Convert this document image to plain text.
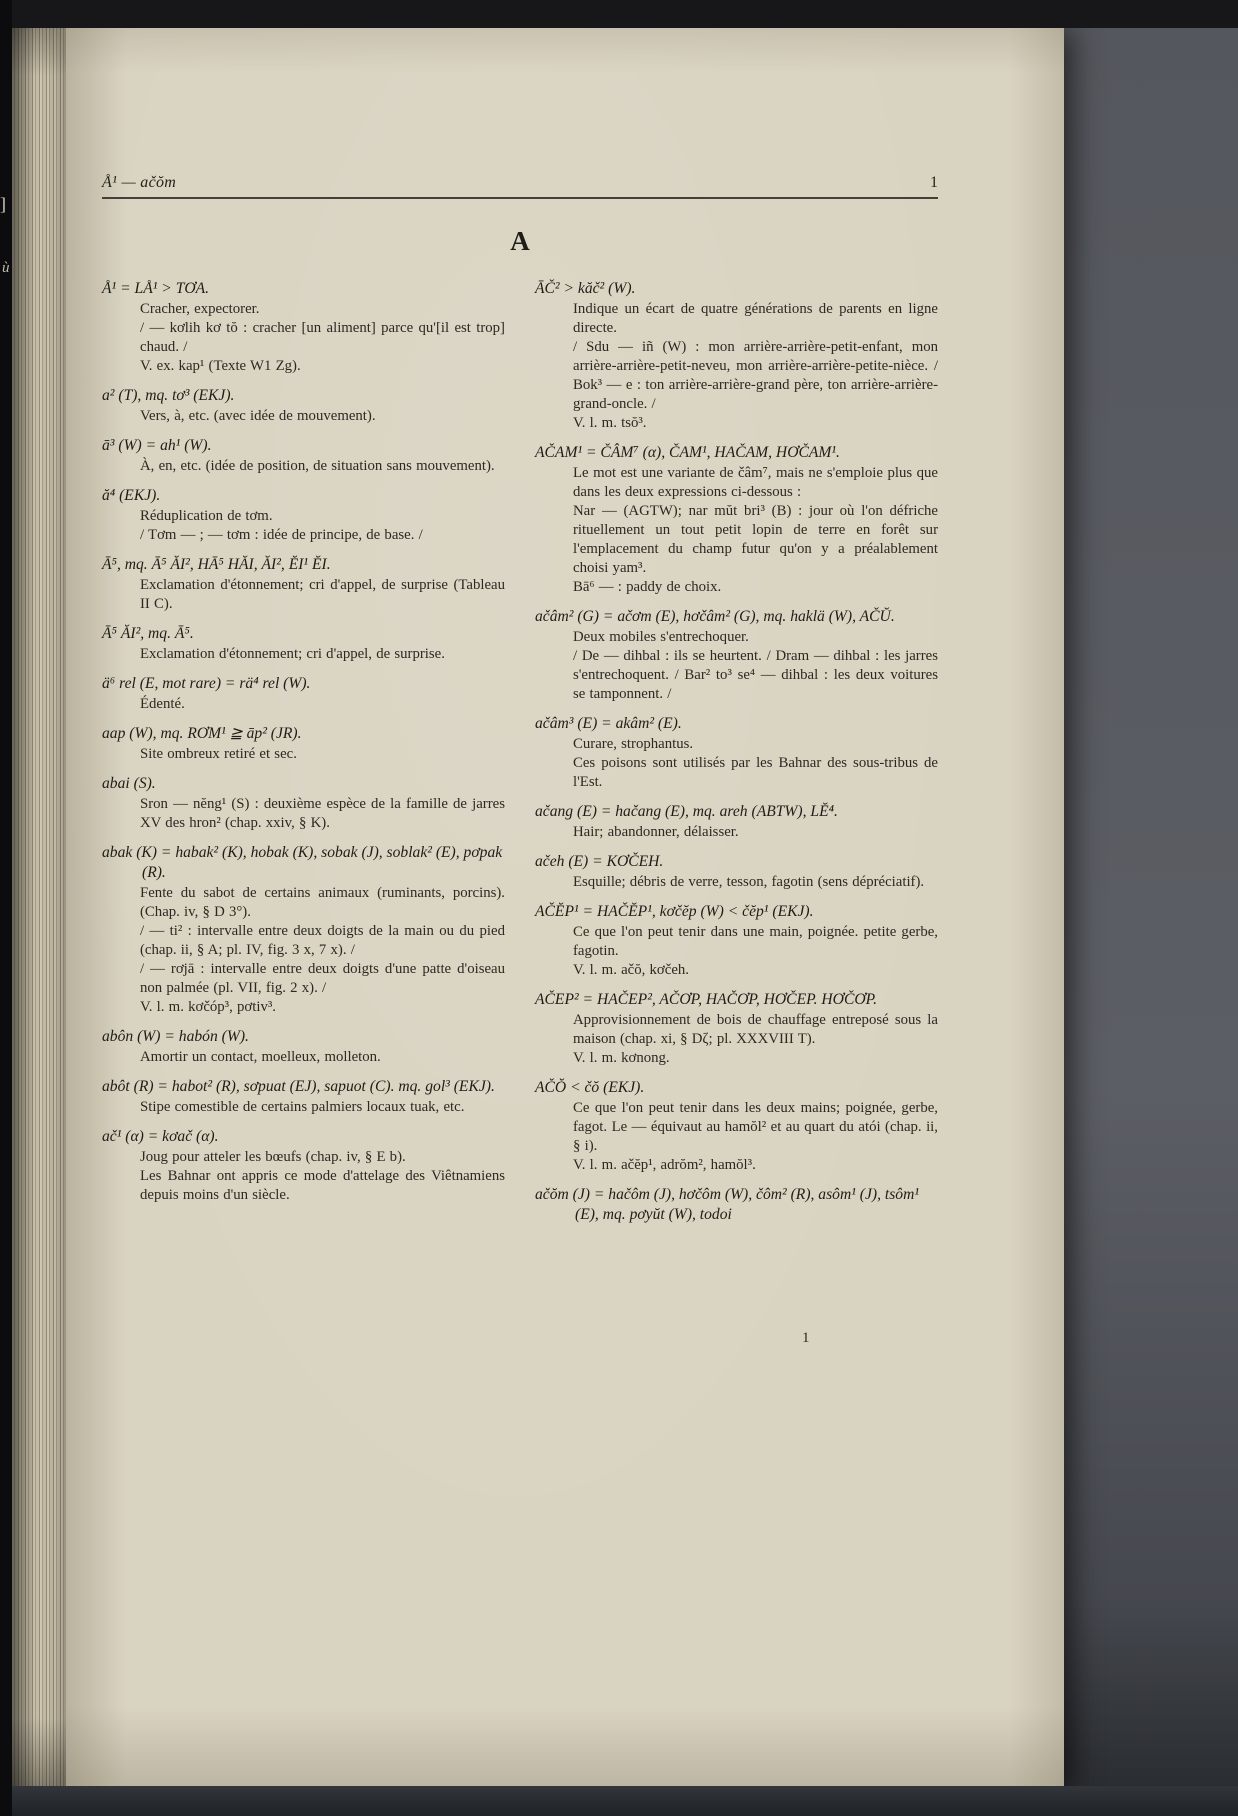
]
ù
Å¹ — ačŏm	1
A
Å¹ = LÅ¹ > TƠA.
Cracher, expectorer.
/ — kơlih kơ tŏ : cracher [un aliment] parce qu'[il est trop] chaud. /
V. ex. kap¹ (Texte W1 Zg).
a² (T), mq. tơ³ (EKJ).
Vers, à, etc. (avec idée de mouvement).
ā³ (W) = ah¹ (W).
À, en, etc. (idée de position, de situation sans mouvement).
ă⁴ (EKJ).
Réduplication de tơm.
/ Tơm — ; — tơm : idée de principe, de base. /
Ā⁵, mq. Ā⁵ ĂI², HĀ⁵ HĂI, ĂI², ĔI¹ ĔI.
Exclamation d'étonnement; cri d'appel, de surprise (Tableau II C).
Ā⁵ ĂI², mq. Ā⁵.
Exclamation d'étonnement; cri d'appel, de surprise.
ä⁶ rel (E, mot rare) = rä⁴ rel (W).
Édenté.
aap (W), mq. RƠM¹ ≧ āp² (JR).
Site ombreux retiré et sec.
abai (S).
Sron — nĕng¹ (S) : deuxième espèce de la famille de jarres XV des hron² (chap. xxiv, § K).
abak (K) = habak² (K), hobak (K), sobak (J), soblak² (E), pơpak (R).
Fente du sabot de certains animaux (ruminants, porcins). (Chap. iv, § D 3°).
/ — ti² : intervalle entre deux doigts de la main ou du pied (chap. ii, § A; pl. IV, fig. 3 x, 7 x). /
/ — rơjā : intervalle entre deux doigts d'une patte d'oiseau non palmée (pl. VII, fig. 2 x). /
V. l. m. kơčóp³, pơtiv³.
abôn (W) = habón (W).
Amortir un contact, moelleux, molleton.
abôt (R) = habot² (R), sơpuat (EJ), sapuot (C). mq. gol³ (EKJ).
Stipe comestible de certains palmiers locaux tuak, etc.
ač¹ (α) = kơač (α).
Joug pour atteler les bœufs (chap. iv, § E b).
Les Bahnar ont appris ce mode d'attelage des Viêtnamiens depuis moins d'un siècle.
ĀČ² > kăč² (W).
Indique un écart de quatre générations de parents en ligne directe.
/ Sdu — iñ (W) : mon arrière-arrière-petit-enfant, mon arrière-arrière-petit-neveu, mon arrière-arrière-petite-nièce. / Bok³ — e : ton arrière-arrière-grand père, ton arrière-arrière-grand-oncle. /
V. l. m. tsŏ³.
AČAM¹ = ČÂM⁷ (α), ČAM¹, HAČAM, HƠČAM¹.
Le mot est une variante de čâm⁷, mais ne s'emploie plus que dans les deux expressions ci-dessous :
Nar — (AGTW); nar mŭt bri³ (B) : jour où l'on défriche rituellement un tout petit lopin de terre en forêt sur l'emplacement du champ futur qu'on y a préalablement choisi yam³.
Bā⁶ — : paddy de choix.
ačâm² (G) = ačơm (E), hơčâm² (G), mq. haklä (W), AČŬ.
Deux mobiles s'entrechoquer.
/ De — dihbal : ils se heurtent. / Dram — dihbal : les jarres s'entrechoquent. / Bar² to³ se⁴ — dihbal : les deux voitures se tamponnent. /
ačâm³ (E) = akâm² (E).
Curare, strophantus.
Ces poisons sont utilisés par les Bahnar des sous-tribus de l'Est.
ačang (E) = hačang (E), mq. areh (ABTW), LĔ⁴.
Hair; abandonner, délaisser.
ačeh (E) = KƠČEH.
Esquille; débris de verre, tesson, fagotin (sens dépréciatif).
AČĔP¹ = HAČĔP¹, kơčĕp (W) < čĕp¹ (EKJ).
Ce que l'on peut tenir dans une main, poignée. petite gerbe, fagotin.
V. l. m. ačŏ, kơčeh.
AČEP² = HAČEP², AČƠP, HAČƠP, HƠČEP. HƠČƠP.
Approvisionnement de bois de chauffage entreposé sous la maison (chap. xi, § Dζ; pl. XXXVIII T).
V. l. m. kơnong.
AČŎ < čŏ (EKJ).
Ce que l'on peut tenir dans les deux mains; poignée, gerbe, fagot. Le — équivaut au hamŏl² et au quart du atói (chap. ii, § i).
V. l. m. ačĕp¹, adrŏm², hamŏl³.
ačŏm (J) = hačôm (J), hơčôm (W), čôm² (R), asôm¹ (J), tsôm¹ (E), mq. pơyŭt (W), todoi
1
